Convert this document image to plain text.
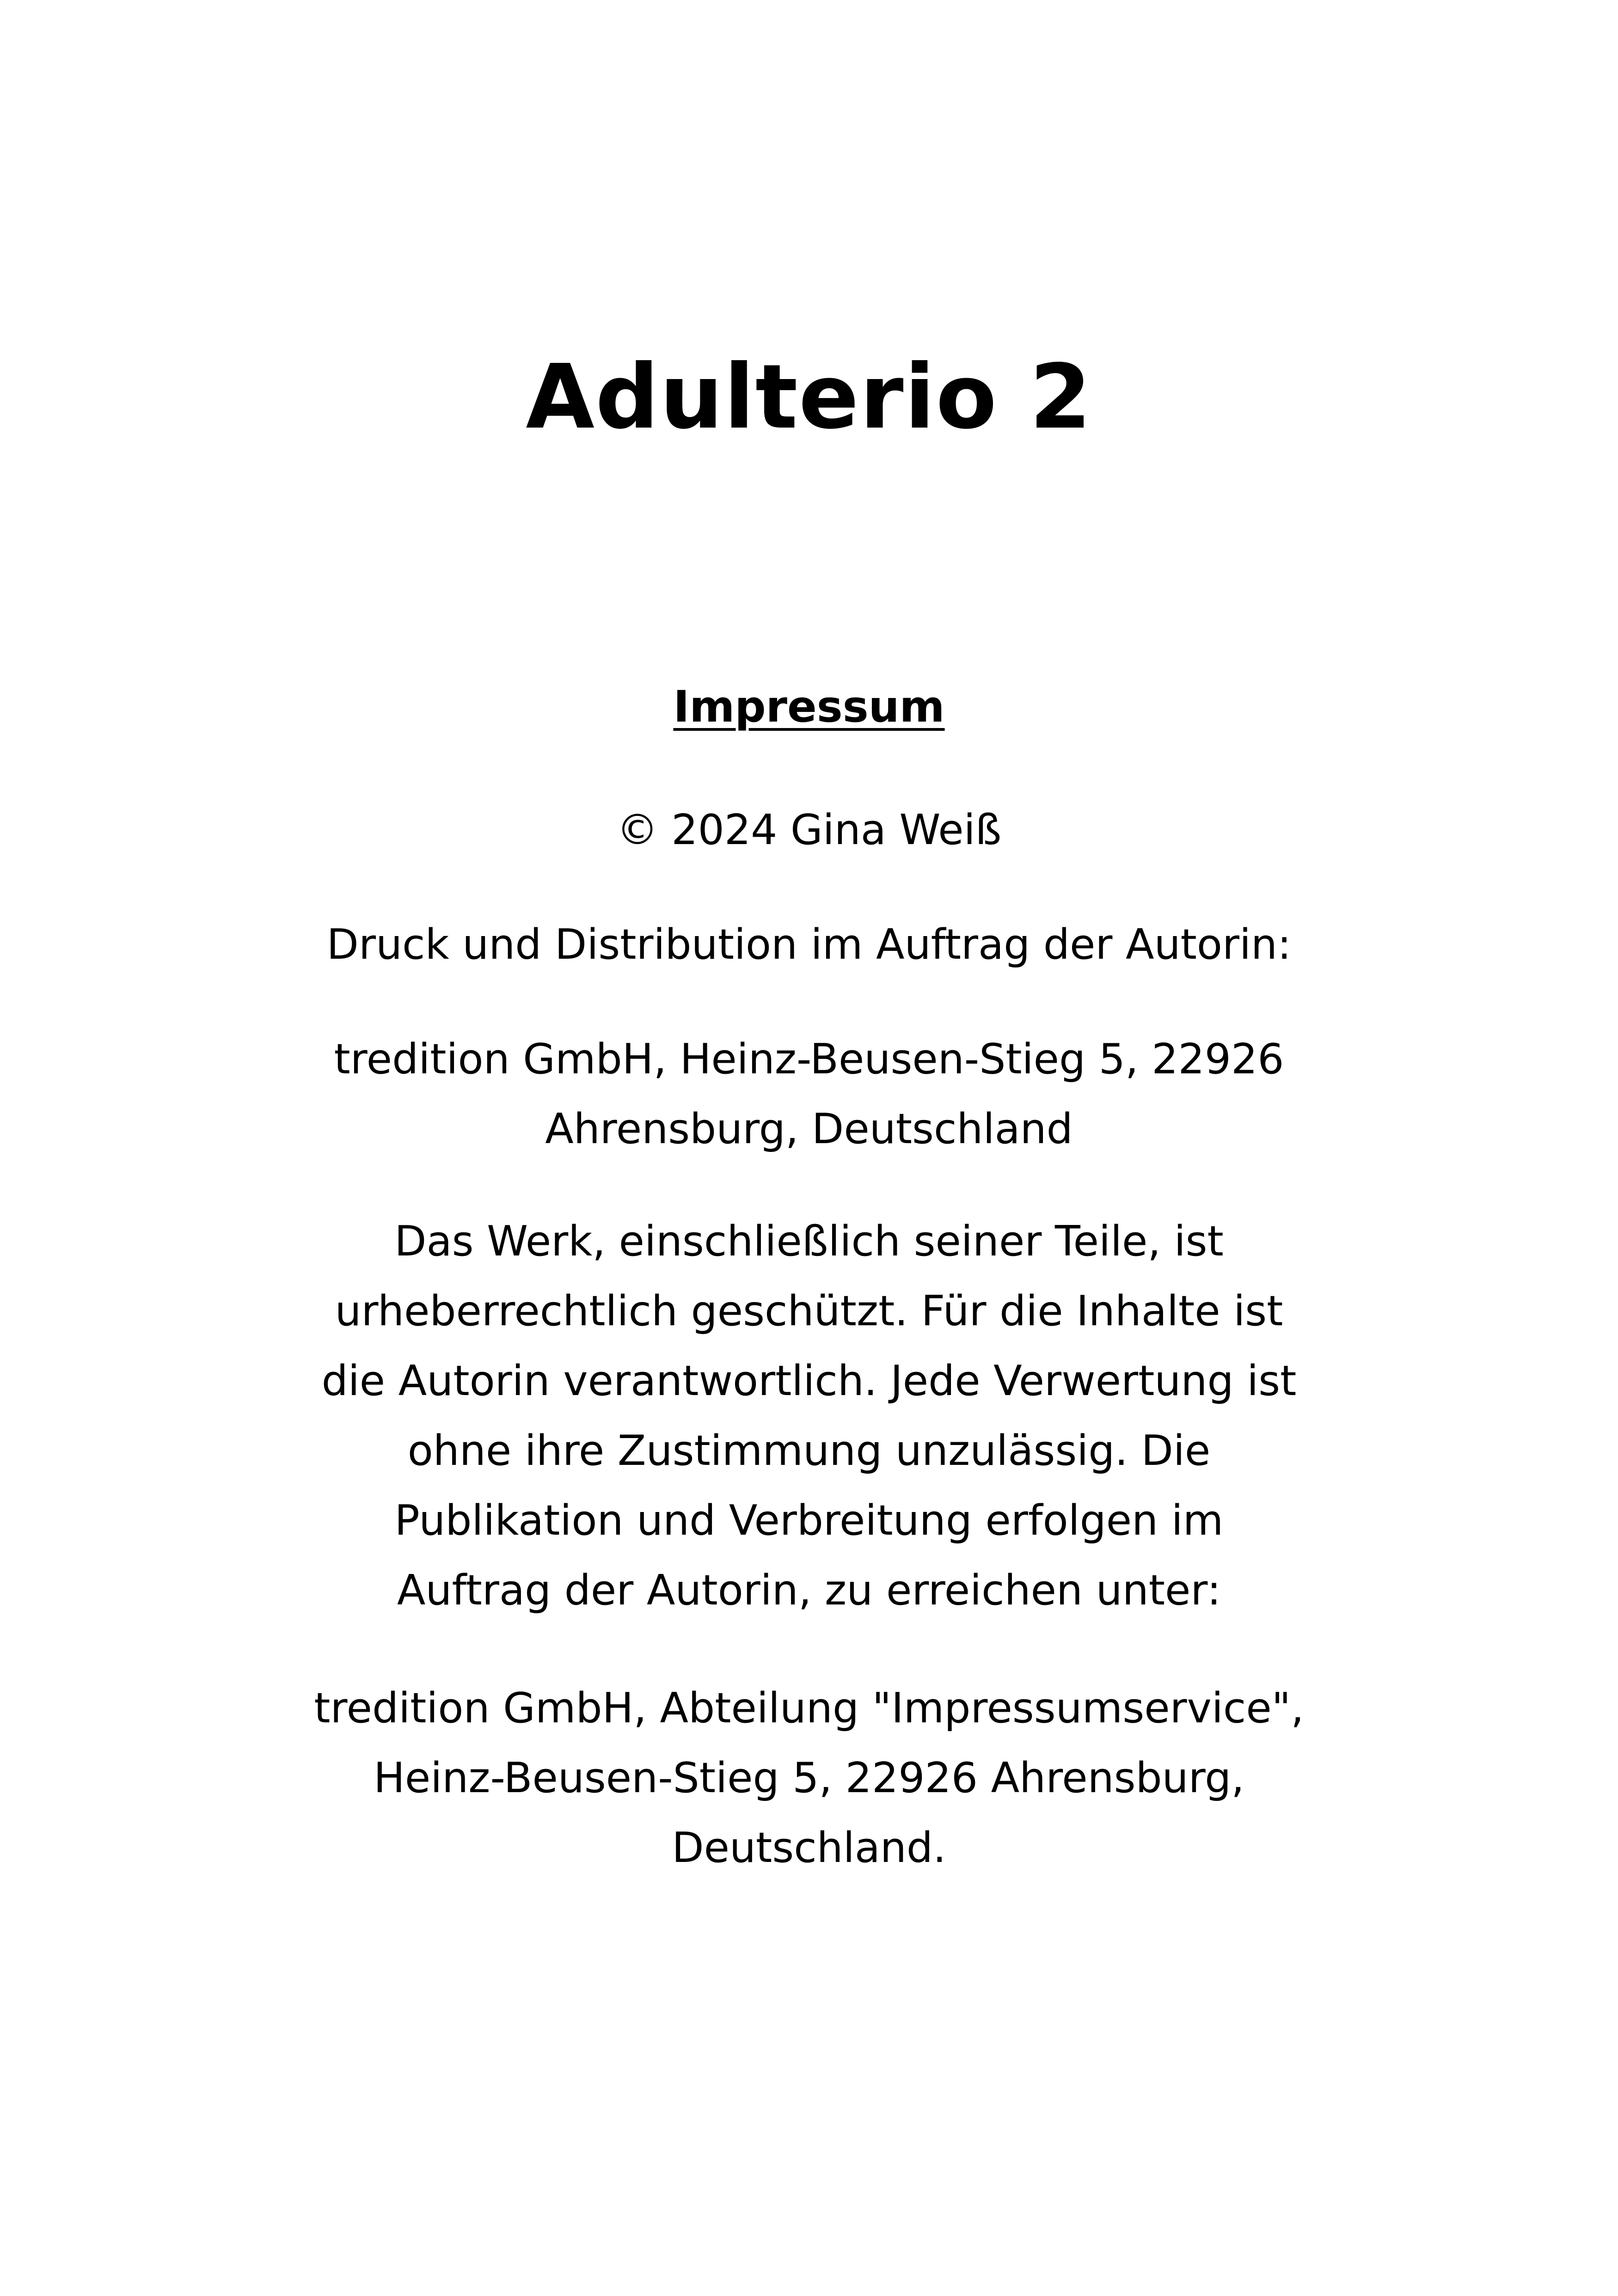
Adulterio 2
Impressum
© 2024 Gina Weiß
Druck und Distribution im Auftrag der Autorin:
tredition GmbH, Heinz-Beusen-Stieg 5, 22926
Ahrensburg, Deutschland
Das Werk, einschließlich seiner Teile, ist
urheberrechtlich geschützt. Für die Inhalte ist
die Autorin verantwortlich. Jede Verwertung ist
ohne ihre Zustimmung unzulässig. Die
Publikation und Verbreitung erfolgen im
Auftrag der Autorin, zu erreichen unter:
tredition GmbH, Abteilung "Impressumservice",
Heinz-Beusen-Stieg 5, 22926 Ahrensburg,
Deutschland.
